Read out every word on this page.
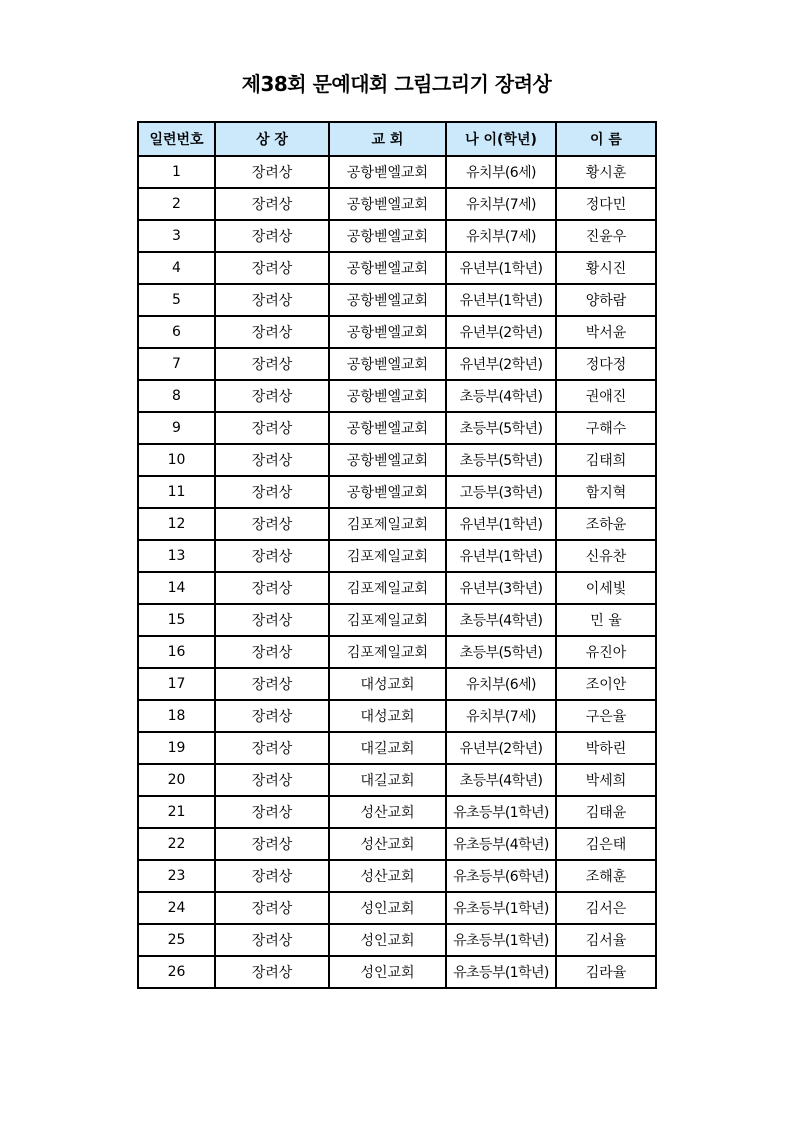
제38회 문예대회 그림그리기 장려상
일련번호	상 장	교 회	나 이(학년)	이 름
1	장려상	공항벧엘교회	유치부(6세)	황시훈
2	장려상	공항벧엘교회	유치부(7세)	정다민
3	장려상	공항벧엘교회	유치부(7세)	진윤우
4	장려상	공항벧엘교회	유년부(1학년)	황시진
5	장려상	공항벧엘교회	유년부(1학년)	양하람
6	장려상	공항벧엘교회	유년부(2학년)	박서윤
7	장려상	공항벧엘교회	유년부(2학년)	정다정
8	장려상	공항벧엘교회	초등부(4학년)	권애진
9	장려상	공항벧엘교회	초등부(5학년)	구해수
10	장려상	공항벧엘교회	초등부(5학년)	김태희
11	장려상	공항벧엘교회	고등부(3학년)	함지혁
12	장려상	김포제일교회	유년부(1학년)	조하윤
13	장려상	김포제일교회	유년부(1학년)	신유찬
14	장려상	김포제일교회	유년부(3학년)	이세빛
15	장려상	김포제일교회	초등부(4학년)	민 율
16	장려상	김포제일교회	초등부(5학년)	유진아
17	장려상	대성교회	유치부(6세)	조이안
18	장려상	대성교회	유치부(7세)	구은율
19	장려상	대길교회	유년부(2학년)	박하린
20	장려상	대길교회	초등부(4학년)	박세희
21	장려상	성산교회	유초등부(1학년)	김태윤
22	장려상	성산교회	유초등부(4학년)	김은태
23	장려상	성산교회	유초등부(6학년)	조해훈
24	장려상	성인교회	유초등부(1학년)	김서은
25	장려상	성인교회	유초등부(1학년)	김서율
26	장려상	성인교회	유초등부(1학년)	김라율
